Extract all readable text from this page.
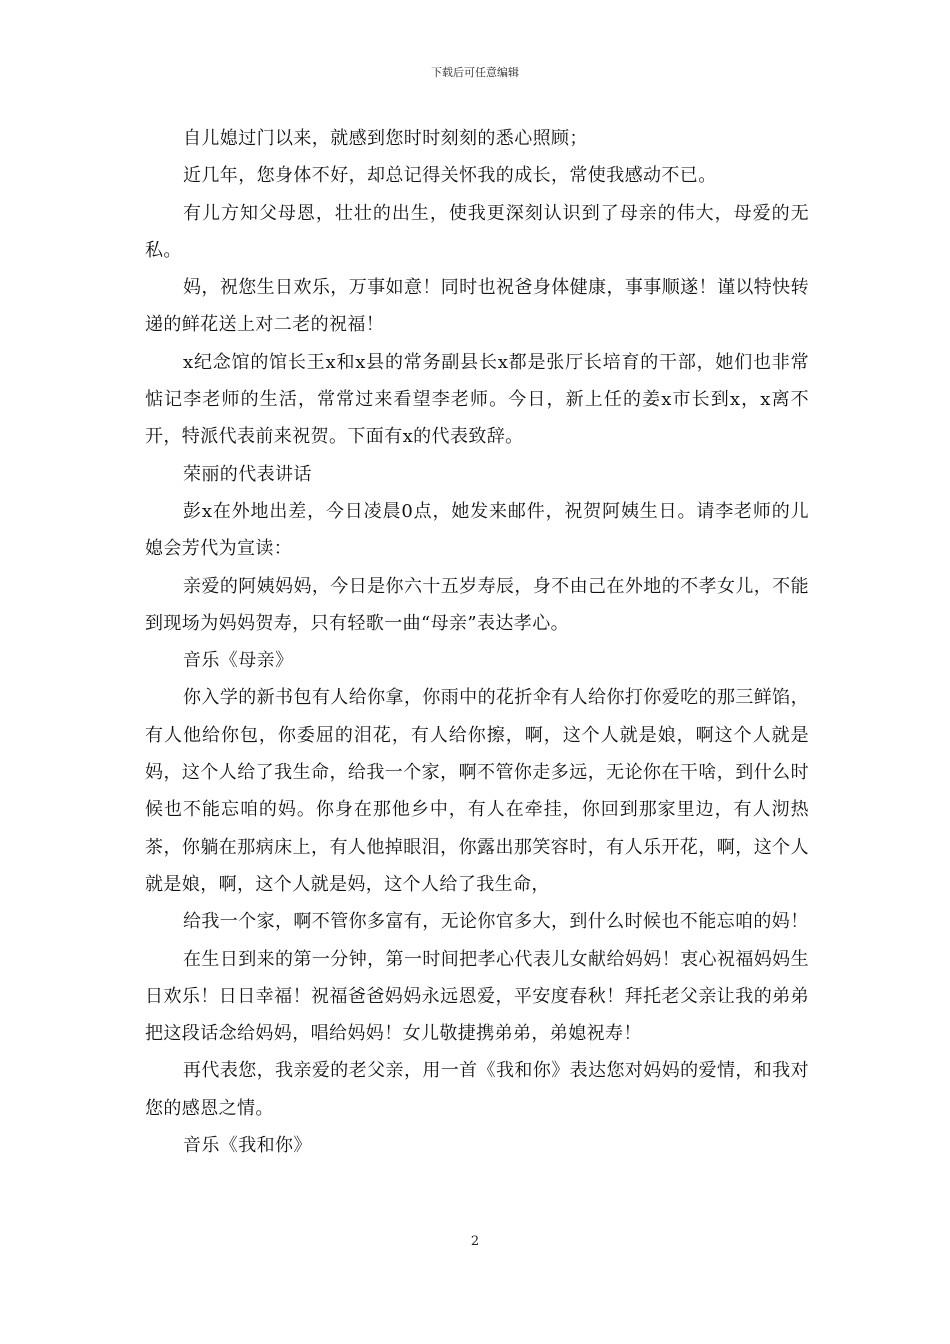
下载后可任意编辑

自儿媳过门以来，就感到您时时刻刻的悉心照顾；

近几年，您身体不好，却总记得关怀我的成长，常使我感动不已。

有儿方知父母恩，壮壮的出生，使我更深刻认识到了母亲的伟大，母爱的无私。

妈，祝您生日欢乐，万事如意！同时也祝爸身体健康，事事顺遂！谨以特快转递的鲜花送上对二老的祝福！

x纪念馆的馆长王x和x县的常务副县长x都是张厅长培育的干部，她们也非常惦记李老师的生活，常常过来看望李老师。今日，新上任的姜x市长到x，x离不开，特派代表前来祝贺。下面有x的代表致辞。

荣丽的代表讲话

彭x在外地出差，今日凌晨0点，她发来邮件，祝贺阿姨生日。请李老师的儿媳会芳代为宣读：

亲爱的阿姨妈妈，今日是你六十五岁寿辰，身不由己在外地的不孝女儿，不能到现场为妈妈贺寿，只有轻歌一曲“母亲”表达孝心。

音乐《母亲》

你入学的新书包有人给你拿，你雨中的花折伞有人给你打你爱吃的那三鲜馅，有人他给你包，你委屈的泪花，有人给你擦，啊，这个人就是娘，啊这个人就是妈，这个人给了我生命，给我一个家，啊不管你走多远，无论你在干啥，到什么时候也不能忘咱的妈。你身在那他乡中，有人在牵挂，你回到那家里边，有人沏热茶，你躺在那病床上，有人他掉眼泪，你露出那笑容时，有人乐开花，啊，这个人就是娘，啊，这个人就是妈，这个人给了我生命，

给我一个家，啊不管你多富有，无论你官多大，到什么时候也不能忘咱的妈！

在生日到来的第一分钟，第一时间把孝心代表儿女献给妈妈！衷心祝福妈妈生日欢乐！日日幸福！祝福爸爸妈妈永远恩爱，平安度春秋！拜托老父亲让我的弟弟把这段话念给妈妈，唱给妈妈！女儿敬捷携弟弟，弟媳祝寿！

再代表您，我亲爱的老父亲，用一首《我和你》表达您对妈妈的爱情，和我对您的感恩之情。

音乐《我和你》

2
